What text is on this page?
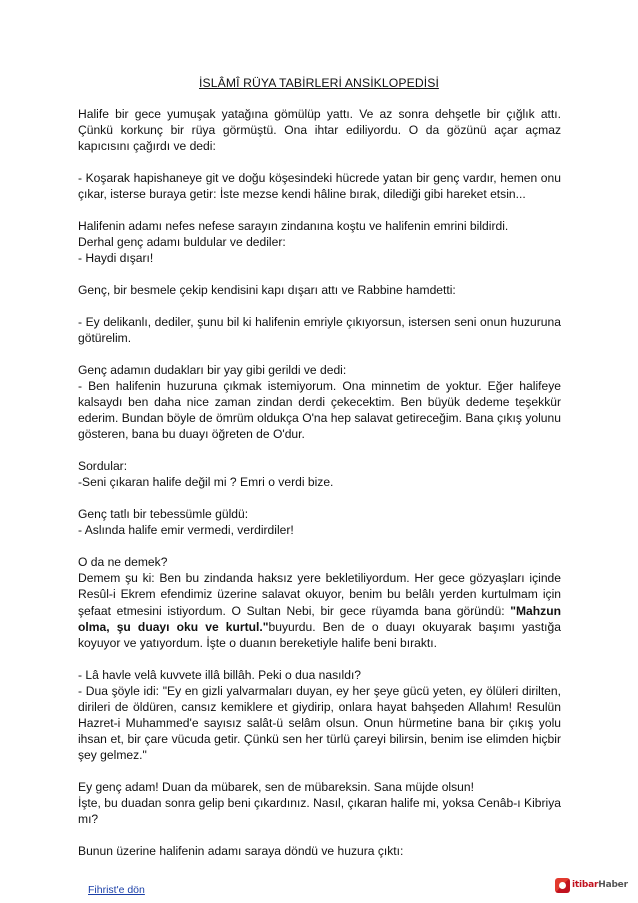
İSLÂMÎ RÜYA TABİRLERİ ANSİKLOPEDİSİ

Halife bir gece yumuşak yatağına gömülüp yattı. Ve az sonra dehşetle bir çığlık attı. Çünkü korkunç bir rüya görmüştü. Ona ihtar ediliyordu. O da gözünü açar açmaz kapıcısını çağırdı ve dedi:

- Koşarak hapishaneye git ve doğu köşesindeki hücrede yatan bir genç vardır, hemen onu çıkar, isterse buraya getir: İste mezse kendi hâline bırak, dilediği gibi hareket etsin...

Halifenin adamı nefes nefese sarayın zindanına koştu ve halifenin emrini bildirdi.
Derhal genç adamı buldular ve dediler:
- Haydi dışarı!

Genç, bir besmele çekip kendisini kapı dışarı attı ve Rabbine hamdetti:

- Ey delikanlı, dediler, şunu bil ki halifenin emriyle çıkıyorsun, istersen seni onun huzuruna götürelim.

Genç adamın dudakları bir yay gibi gerildi ve dedi:
- Ben halifenin huzuruna çıkmak istemiyorum. Ona minnetim de yoktur. Eğer halifeye kalsaydı ben daha nice zaman zindan derdi çekecektim. Ben büyük dedeme teşekkür ederim. Bundan böyle de ömrüm oldukça O'na hep salavat getireceğim. Bana çıkış yolunu gösteren, bana bu duayı öğreten de O'dur.

Sordular:
-Seni çıkaran halife değil mi ? Emri o verdi bize.

Genç tatlı bir tebessümle güldü:
- Aslında halife emir vermedi, verdirdiler!

O da ne demek?
Demem şu ki: Ben bu zindanda haksız yere bekletiliyordum. Her gece gözyaşları içinde Resûl-i Ekrem efendimiz üzerine salavat okuyor, benim bu belâlı yerden kurtulmam için şefaat etmesini istiyordum. O Sultan Nebi, bir gece rüyamda bana göründü: "Mahzun olma, şu duayı oku ve kurtul."buyurdu. Ben de o duayı okuyarak başımı yastığa koyuyor ve yatıyordum. İşte o duanın bereketiyle halife beni bıraktı.

- Lâ havle velâ kuvvete illâ billâh. Peki o dua nasıldı?
- Dua şöyle idi: "Ey en gizli yalvarmaları duyan, ey her şeye gücü yeten, ey ölüleri dirilten, dirileri de öldüren, cansız kemiklere et giydirip, onlara hayat bahşeden Allahım! Resulün Hazret-i Muhammed'e sayısız salât-ü selâm olsun. Onun hürmetine bana bir çıkış yolu ihsan et, bir çare vücuda getir. Çünkü sen her türlü çareyi bilirsin, benim ise elimden hiçbir şey gelmez."

Ey genç adam! Duan da mübarek, sen de mübareksin. Sana müjde olsun!
İşte, bu duadan sonra gelip beni çıkardınız. Nasıl, çıkaran halife mi, yoksa Cenâb-ı Kibriya mı?

Bunun üzerine halifenin adamı saraya döndü ve huzura çıktı:

Fihrist'e dön	itibarHaber
